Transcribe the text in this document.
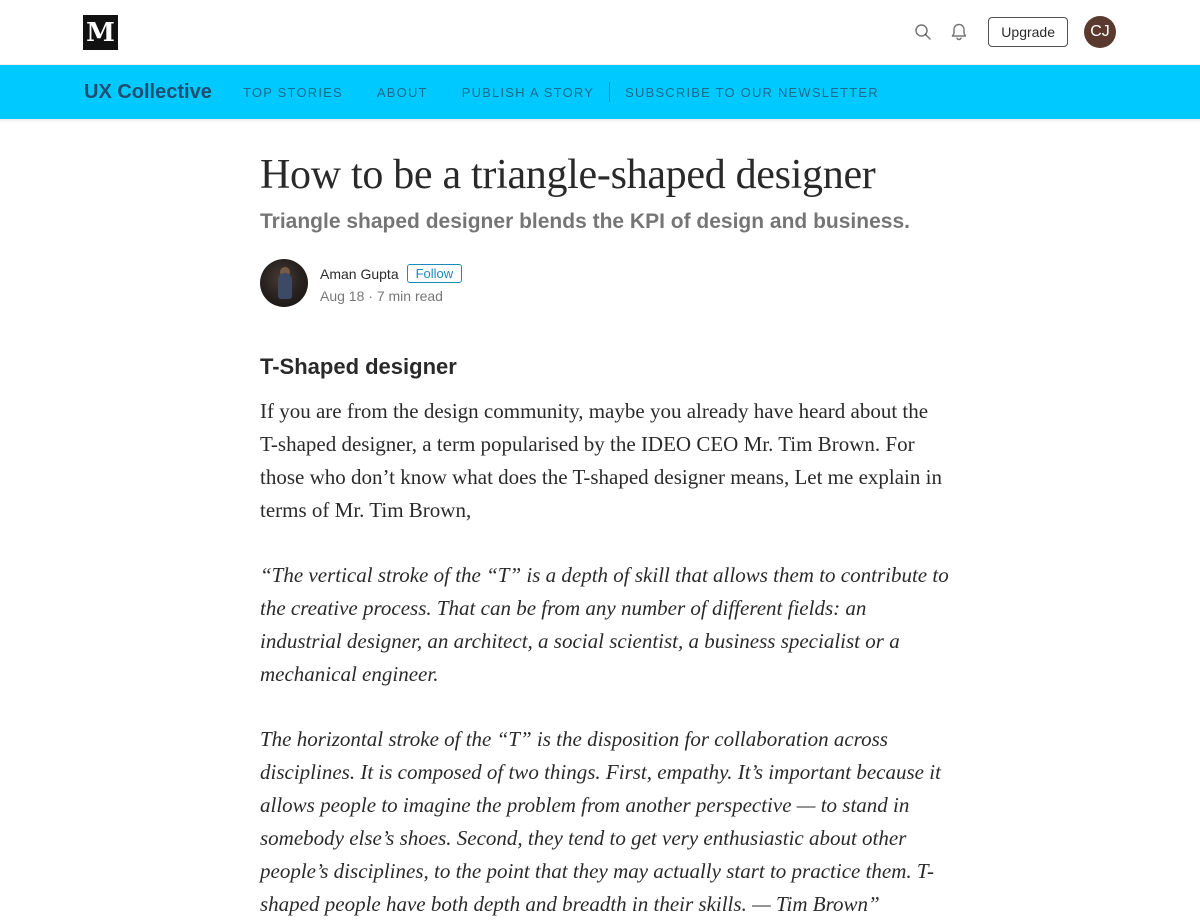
M	Upgrade	CJ
UX Collective TOP STORIES	ABOUT	PUBLISH A STORY SUBSCRIBE TO OUR NEWSLETTER
How to be a triangle-shaped designer
Triangle shaped designer blends the KPI of design and business.
Aman Gupta	Follow
Aug 18 · 7 min read
T-Shaped designer

If you are from the design community, maybe you already have heard about the T-shaped designer, a term popularised by the IDEO CEO Mr. Tim Brown. For those who don’t know what does the T-shaped designer means, Let me explain in terms of Mr. Tim Brown,

“The vertical stroke of the “T” is a depth of skill that allows them to contribute to the creative process. That can be from any number of different fields: an industrial designer, an architect, a social scientist, a business specialist or a mechanical engineer.

The horizontal stroke of the “T” is the disposition for collaboration across disciplines. It is composed of two things. First, empathy. It’s important because it allows people to imagine the problem from another perspective — to stand in somebody else’s shoes. Second, they tend to get very enthusiastic about other people’s disciplines, to the point that they may actually start to practice them. T-shaped people have both depth and breadth in their skills. — Tim Brown”
